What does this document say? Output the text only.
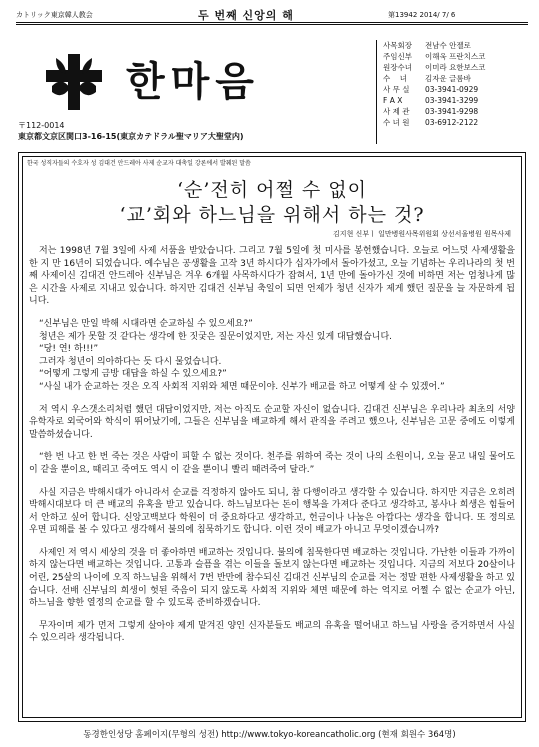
カトリック東京韓人教会	두 번째 신앙의 해	第13942 2014/ 7/ 6
한마음
〒112-0014
東京都文京区関口3-16-15(東京カテドラル聖マリア大聖堂内)
사목회장	전남수 안젤로
주임신부	이해욱 프란치스코
원장수녀	이미라 요한보스코
수    녀	김자운 글롬바
사 무 실	03-3941-0929
F A X	03-3941-3299
사 제 관	03-3941-9298
수 녀 원	03-6912-2122
한국 성직자들의 수호자 성 김대건 안드레아 사제 순교자 대축일 강론에서 발췌된 말씀
‘순’전히 어쩔 수 없이
‘교’회와 하느님을 위해서 하는 것?
김지현 신부ㅣ 일만병원사목위원회 상선서울병원 원목사제

저는 1998년 7월 3일에 사제 서품을 받았습니다. 그리고 7월 5일에 첫 미사를 봉헌했습니다. 오늘로 어느덧 사제생활을 한 지 만 16년이 되었습니다. 예수님은 공생활을 고작 3년 하시다가 십자가에서 돌아가셨고, 오늘 기념하는 우리나라의 첫 번째 사제이신 김대건 안드레아 신부님은 겨우 6개월 사목하시다가 잡혀서, 1년 만에 돌아가신 것에 비하면 저는 엄청나게 많은 시간을 사제로 지내고 있습니다. 하지만 김대건 신부님 축일이 되면 언제가 청년 신자가 제게 했던 질문을 늘 자문하게 됩니다.

“신부님은 만일 박해 시대라면 순교하실 수 있으세요?”
청년은 제가 못할 것 같다는 생각에 한 짓궂은 질문이었지만, 저는 자신 있게 대답했습니다.
“당! 연! 하!!!”
그러자 청년이 의아하다는 듯 다시 물었습니다.
“어떻게 그렇게 금방 대답을 하실 수 있으세요?”
“사실 내가 순교하는 것은 오직 사회적 지위와 체면 때문이야. 신부가 배교를 하고 어떻게 살 수 있겠어.”

저 역시 우스갯소리처럼 했던 대답이었지만, 저는 아직도 순교할 자신이 없습니다. 김대건 신부님은 우리나라 최초의 서양 유학자로 외국어와 학식이 뛰어났기에, 그들은 신부님을 배교하게 해서 관직을 주려고 했으나, 신부님은 고문 중에도 이렇게 말씀하셨습니다.

“한 번 나고 한 번 죽는 것은 사람이 피할 수 없는 것이다. 천주를 위하여 죽는 것이 나의 소원이니, 오늘 묻고 내일 물어도 이 같을 뿐이요, 때리고 죽여도 역시 이 같을 뿐이니 빨리 때려죽여 달라.”

사실 지금은 박해시대가 아니라서 순교를 걱정하지 않아도 되니, 참 다행이라고 생각할 수 있습니다. 하지만 지금은 오히려 박해시대보다 더 큰 배교의 유혹을 받고 있습니다. 하느님보다는 돈이 행복을 가져다 준다고 생각하고, 봉사나 희생은 힘들어서 안하고 싶어 합니다. 신앙고백보다 학원이 더 중요하다고 생각하고, 헌금이나 나눔은 아깝다는 생각을 합니다. 또 정의로우면 피해를 볼 수 있다고 생각해서 불의에 침묵하기도 합니다. 이런 것이 배교가 아니고 무엇이겠습니까?

사제인 저 역시 세상의 것을 더 좋아하면 배교하는 것입니다. 불의에 침묵한다면 배교하는 것입니다. 가난한 이들과 가까이하지 않는다면 배교하는 것입니다. 고통과 슬픔을 겪는 이들을 돌보지 않는다면 배교하는 것입니다. 지금의 저보다 20살이나 어린, 25살의 나이에 오직 하느님을 위해서 7번 반만에 참수되신 김대건 신부님의 순교를 저는 정말 편한 사제생활을 하고 있습니다. 선배 신부님의 희생이 헛된 죽음이 되지 않도록 사회적 지위와 체면 때문에 하는 억지로 어쩔 수 없는 순교가 아닌, 하느님을 향한 열정의 순교를 할 수 있도록 준비하겠습니다.

무자이며 제가 먼저 그렇게 살아야 제게 맡겨진 양인 신자분들도 배교의 유혹을 떨어내고 하느님 사랑을 증거하면서 사실 수 있으리라 생각됩니다.

동경한인성당 홈페이지(무형의 성전) http://www.tokyo-koreancatholic.org (현재 회원수 364명)
